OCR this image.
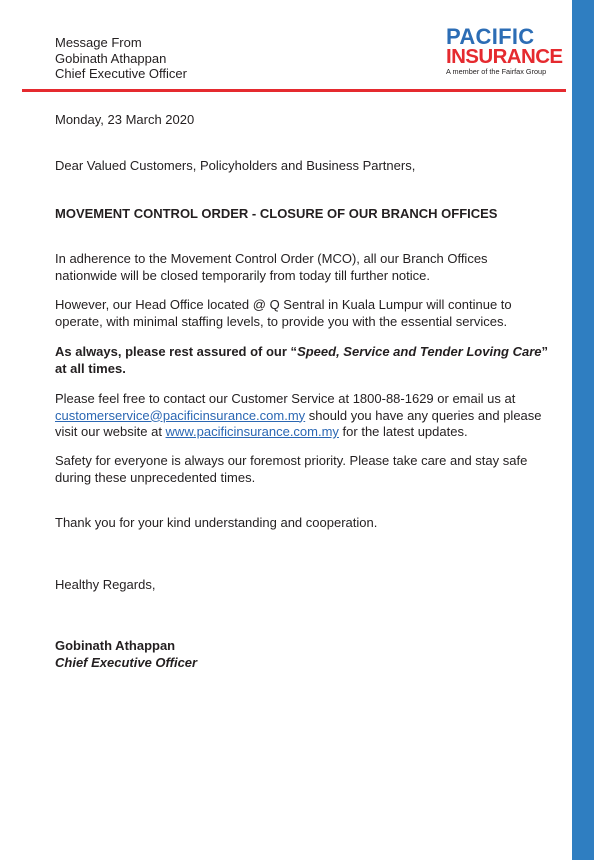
Message From
Gobinath Athappan
Chief Executive Officer
PACIFIC
INSURANCE
A member of the Fairfax Group
Monday, 23 March 2020
Dear Valued Customers, Policyholders and Business Partners,
MOVEMENT CONTROL ORDER - CLOSURE OF OUR BRANCH OFFICES
In adherence to the Movement Control Order (MCO), all our Branch Offices
nationwide will be closed temporarily from today till further notice.
However, our Head Office located @ Q Sentral in Kuala Lumpur will continue to
operate, with minimal staffing levels, to provide you with the essential services.
As always, please rest assured of our “Speed, Service and Tender Loving Care”
at all times.
Please feel free to contact our Customer Service at 1800-88-1629 or email us at
customerservice@pacificinsurance.com.my should you have any queries and please
visit our website at www.pacificinsurance.com.my for the latest updates.
Safety for everyone is always our foremost priority. Please take care and stay safe
during these unprecedented times.
Thank you for your kind understanding and cooperation.
Healthy Regards,
Gobinath Athappan
Chief Executive Officer
